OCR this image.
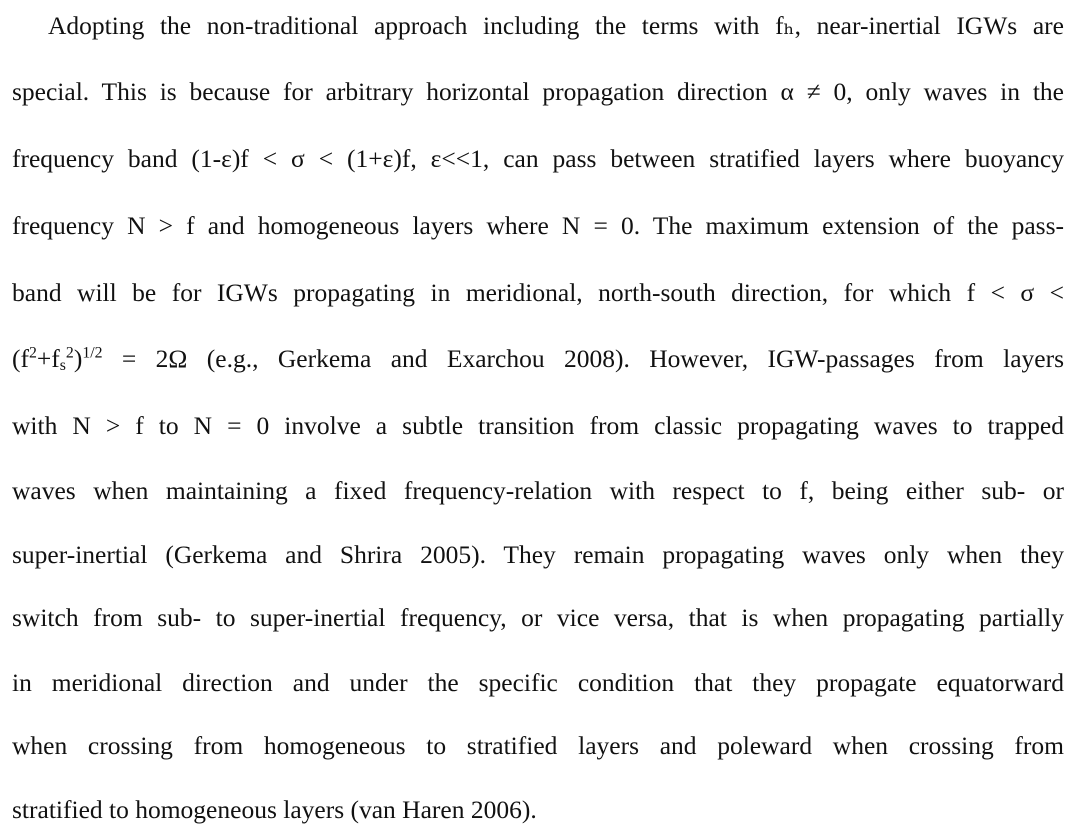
Adopting the non-traditional approach including the terms with fₕ, near-inertial IGWs are
special. This is because for arbitrary horizontal propagation direction α ≠ 0, only waves in the
frequency band (1-ε)f < σ < (1+ε)f, ε<<1, can pass between stratified layers where buoyancy
frequency N > f and homogeneous layers where N = 0. The maximum extension of the pass-
band will be for IGWs propagating in meridional, north-south direction, for which f < σ <
$(f^2+f_s^2)^{1/2} = 2\Omega$ (e.g., Gerkema and Exarchou 2008). However, IGW-passages from layers
with N > f to N = 0 involve a subtle transition from classic propagating waves to trapped
waves when maintaining a fixed frequency-relation with respect to f, being either sub- or
super-inertial (Gerkema and Shrira 2005). They remain propagating waves only when they
switch from sub- to super-inertial frequency, or vice versa, that is when propagating partially
in meridional direction and under the specific condition that they propagate equatorward
when crossing from homogeneous to stratified layers and poleward when crossing from
stratified to homogeneous layers (van Haren 2006).
